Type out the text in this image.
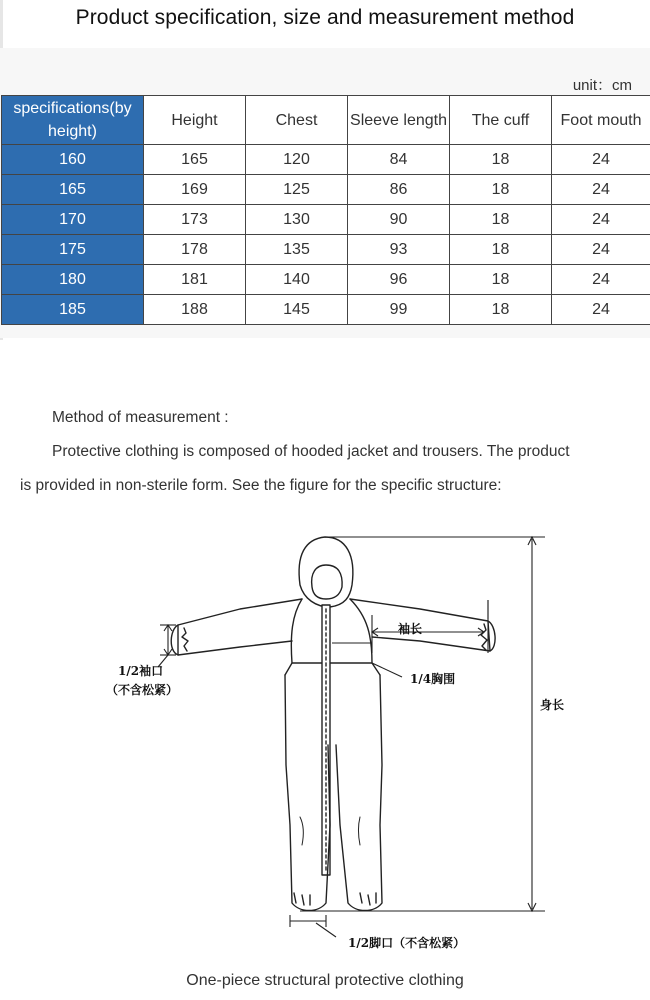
Product specification, size and measurement method
unit：cm
specifications(by height)	Height	Chest	Sleeve length	The cuff	Foot mouth
160	165	120	84	18	24
165	169	125	86	18	24
170	173	130	90	18	24
175	178	135	93	18	24
180	181	140	96	18	24
185	188	145	99	18	24
Method of measurement :
Protective clothing is composed of hooded jacket and trousers. The product
is provided in non-sterile form. See the figure for the specific structure:
袖长
1/2袖口
（不含松紧）
1/4胸围
身长
1/2脚口（不含松紧）
One-piece structural protective clothing
